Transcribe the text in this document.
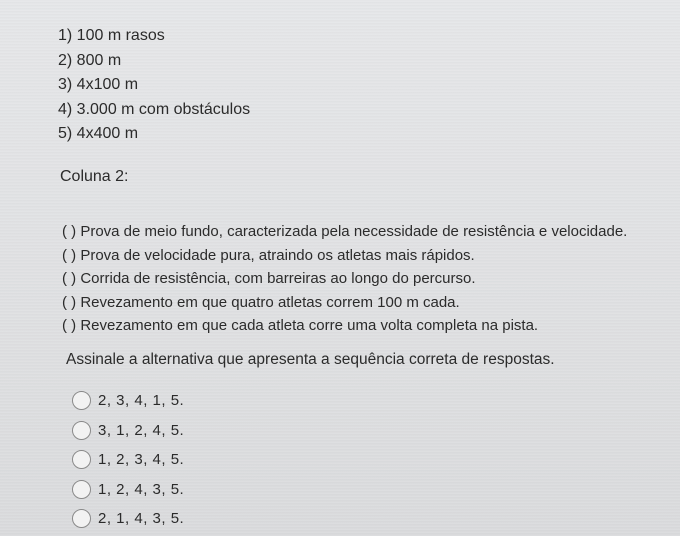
1) 100 m rasos
2) 800 m
3) 4x100 m
4) 3.000 m com obstáculos
5) 4x400 m
Coluna 2:
( ) Prova de meio fundo, caracterizada pela necessidade de resistência e velocidade.
( ) Prova de velocidade pura, atraindo os atletas mais rápidos.
( ) Corrida de resistência, com barreiras ao longo do percurso.
( ) Revezamento em que quatro atletas correm 100 m cada.
( ) Revezamento em que cada atleta corre uma volta completa na pista.
Assinale a alternativa que apresenta a sequência correta de respostas.
2, 3, 4, 1, 5.
3, 1, 2, 4, 5.
1, 2, 3, 4, 5.
1, 2, 4, 3, 5.
2, 1, 4, 3, 5.
